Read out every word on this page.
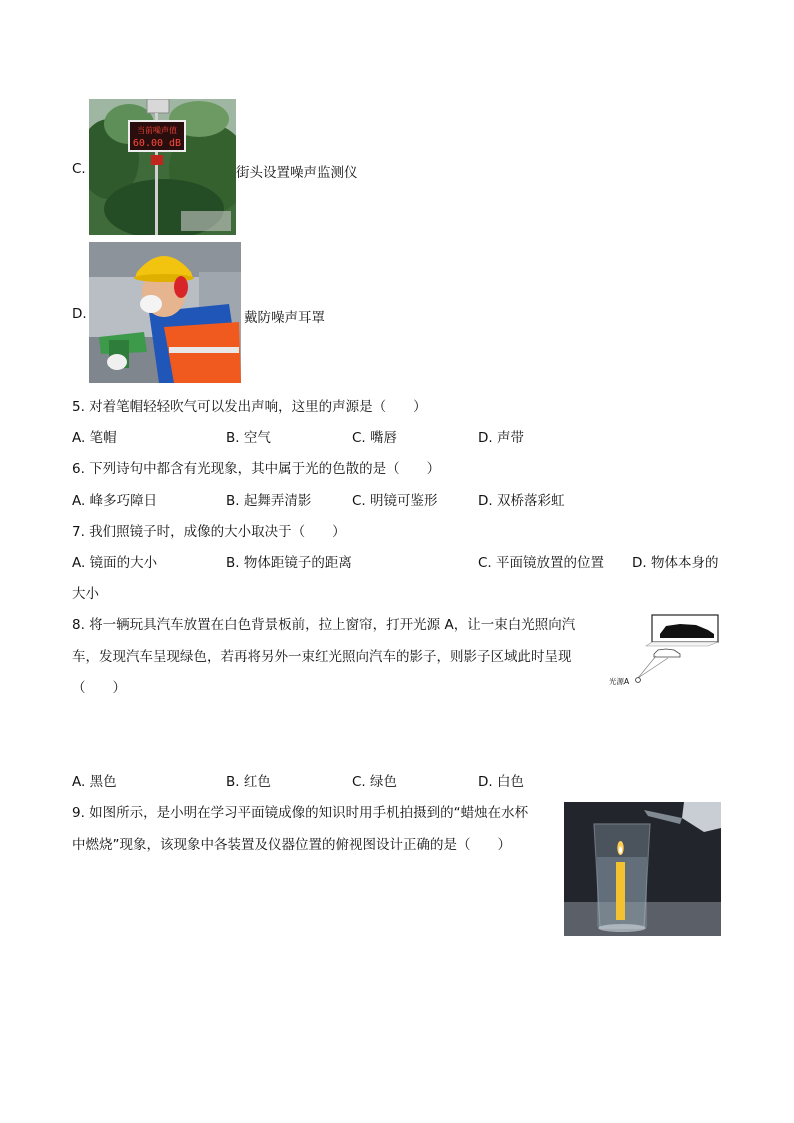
C.
当前噪声值
60.00 dB
街头设置噪声监测仪
D.	戴防噪声耳罩
5. 对着笔帽轻轻吹气可以发出声响，这里的声源是（　　）
A. 笔帽	B. 空气	C. 嘴唇	D. 声带
6. 下列诗句中都含有光现象，其中属于光的色散的是（　　）
A. 峰多巧障日	B. 起舞弄清影	C. 明镜可鉴形	D. 双桥落彩虹
7. 我们照镜子时，成像的大小取决于（　　）
A. 镜面的大小	B. 物体距镜子的距离	C. 平面镜放置的位置 D. 物体本身的
大小
8. 将一辆玩具汽车放置在白色背景板前，拉上窗帘，打开光源 A，让一束白光照向汽
车，发现汽车呈现绿色，若再将另外一束红光照向汽车的影子，则影子区域此时呈现
（　　）	光源A
A. 黑色	B. 红色	C. 绿色	D. 白色
9. 如图所示，是小明在学习平面镜成像的知识时用手机拍摄到的“蜡烛在水杯
中燃烧”现象，该现象中各装置及仪器位置的俯视图设计正确的是（　　）
